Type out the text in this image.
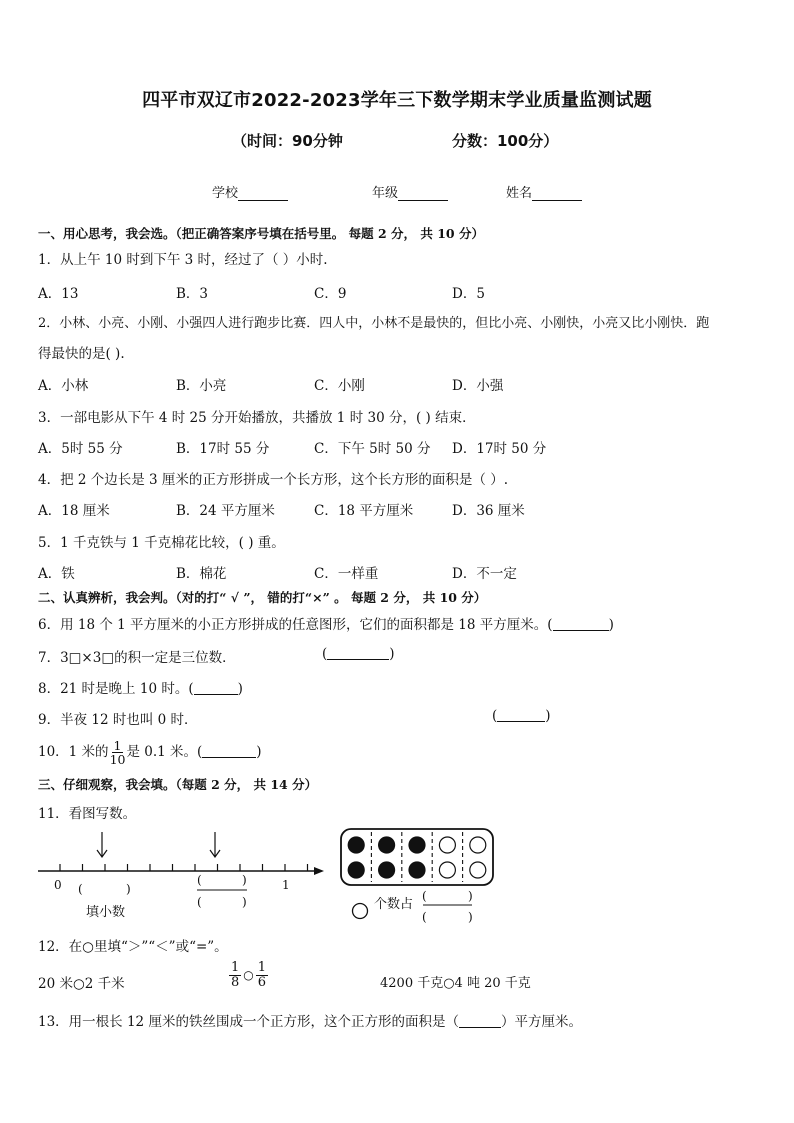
四平市双辽市2022-2023学年三下数学期末学业质量监测试题
（时间：90分钟	分数：100分）
学校	年级	姓名
一、用心思考，我会选。（把正确答案序号填在括号里。 每题 2 分， 共 10 分）
1．从上午 10 时到下午 3 时，经过了（ ）小时.
A．13	B．3	C．9	D．5
2．小林、小亮、小刚、小强四人进行跑步比赛．四人中，小林不是最快的，但比小亮、小刚快，小亮又比小刚快．跑
得最快的是( ).
A．小林	B．小亮	C．小刚	D．小强
3．一部电影从下午 4 时 25 分开始播放，共播放 1 时 30 分，( ) 结束．
A．5时 55 分	B．17时 55 分	C．下午 5时 50 分 D．17时 50 分
4．把 2 个边长是 3 厘米的正方形拼成一个长方形，这个长方形的面积是（ ）.
A．18 厘米	B．24 平方厘米	C．18 平方厘米	D．36 厘米
5．1 千克铁与 1 千克棉花比较，( ) 重。
A．铁	B．棉花	C．一样重	D．不一定
二、认真辨析，我会判。（对的打“ √ ”， 错的打“×” 。 每题 2 分， 共 10 分）
6．用 18 个 1 平方厘米的小正方形拼成的任意图形，它们的面积都是 18 平方厘米。(	)
7．3□×3□的积一定是三位数．	(	)
8．21 时是晚上 10 时。(	)
9．半夜 12 时也叫 0 时．	(	)
10．1 米的 $\frac{1}{10}$ 是 0.1 米。(	)
三、仔细观察，我会填。（每题 2 分， 共 14 分）
11．看图写数。
0	1
(	)
(	)
(	)
填小数
个数占
(	)
(	)
12．在○里填“＞”“＜”或“=”。
20 米○2 千米	$\frac{1}{8}$ ○ $\frac{1}{6}$	4200 千克○4 吨 20 千克
13．用一根长 12 厘米的铁丝围成一个正方形，这个正方形的面积是（	）平方厘米。
